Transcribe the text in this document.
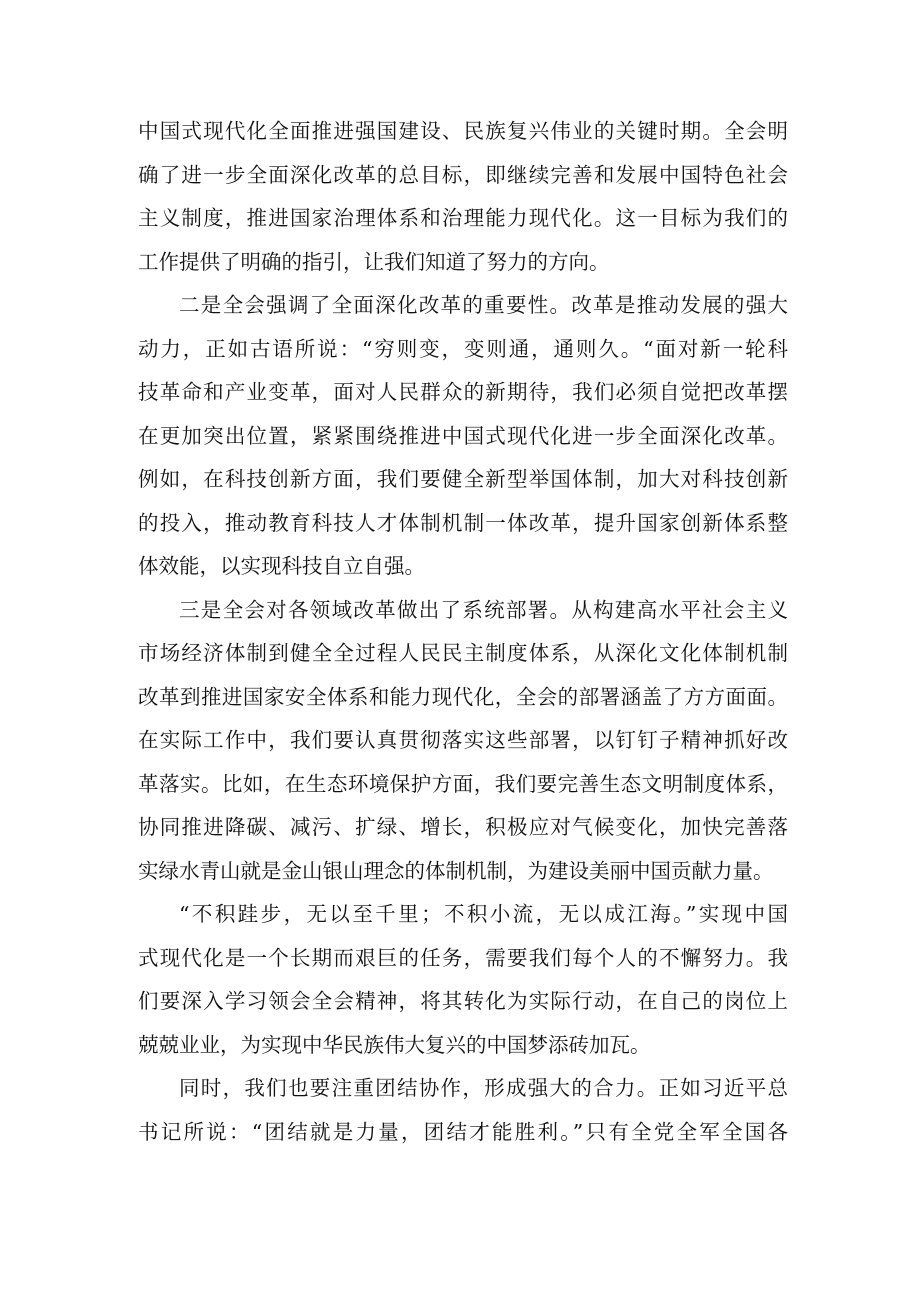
中国式现代化全面推进强国建设、民族复兴伟业的关键时期。全会明
确了进一步全面深化改革的总目标，即继续完善和发展中国特色社会
主义制度，推进国家治理体系和治理能力现代化。这一目标为我们的
工作提供了明确的指引，让我们知道了努力的方向。
二是全会强调了全面深化改革的重要性。改革是推动发展的强大
动力，正如古语所说：“穷则变，变则通，通则久。“面对新一轮科
技革命和产业变革，面对人民群众的新期待，我们必须自觉把改革摆
在更加突出位置，紧紧围绕推进中国式现代化进一步全面深化改革。
例如，在科技创新方面，我们要健全新型举国体制，加大对科技创新
的投入，推动教育科技人才体制机制一体改革，提升国家创新体系整
体效能，以实现科技自立自强。
三是全会对各领域改革做出了系统部署。从构建高水平社会主义
市场经济体制到健全全过程人民民主制度体系，从深化文化体制机制
改革到推进国家安全体系和能力现代化，全会的部署涵盖了方方面面。
在实际工作中，我们要认真贯彻落实这些部署，以钉钉子精神抓好改
革落实。比如，在生态环境保护方面，我们要完善生态文明制度体系，
协同推进降碳、减污、扩绿、增长，积极应对气候变化，加快完善落
实绿水青山就是金山银山理念的体制机制，为建设美丽中国贡献力量。
“不积跬步，无以至千里；不积小流，无以成江海。”实现中国
式现代化是一个长期而艰巨的任务，需要我们每个人的不懈努力。我
们要深入学习领会全会精神，将其转化为实际行动，在自己的岗位上
兢兢业业，为实现中华民族伟大复兴的中国梦添砖加瓦。
同时，我们也要注重团结协作，形成强大的合力。正如习近平总
书记所说：“团结就是力量，团结才能胜利。”只有全党全军全国各
